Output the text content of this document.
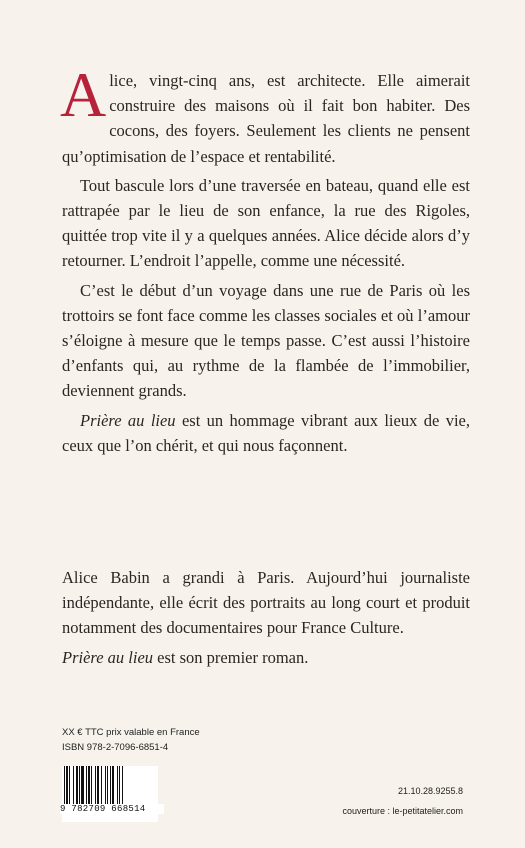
Alice, vingt-cinq ans, est architecte. Elle aimerait construire des maisons où il fait bon habiter. Des cocons, des foyers. Seulement les clients ne pensent qu’optimisation de l’espace et rentabilité.

Tout bascule lors d’une traversée en bateau, quand elle est rattrapée par le lieu de son enfance, la rue des Rigoles, quittée trop vite il y a quelques années. Alice décide alors d’y retourner. L’endroit l’appelle, comme une nécessité.

C’est le début d’un voyage dans une rue de Paris où les trottoirs se font face comme les classes sociales et où l’amour s’éloigne à mesure que le temps passe. C’est aussi l’histoire d’enfants qui, au rythme de la flambée de l’immobilier, deviennent grands.

Prière au lieu est un hommage vibrant aux lieux de vie, ceux que l’on chérit, et qui nous façonnent.

Alice Babin a grandi à Paris. Aujourd’hui journaliste indépendante, elle écrit des portraits au long court et produit notamment des documentaires pour France Culture.

Prière au lieu est son premier roman.

XX € TTC prix valable en France
ISBN 978-2-7096-6851-4
9 782709 668514
21.10.28.9255.8
couverture : le-petitatelier.com
